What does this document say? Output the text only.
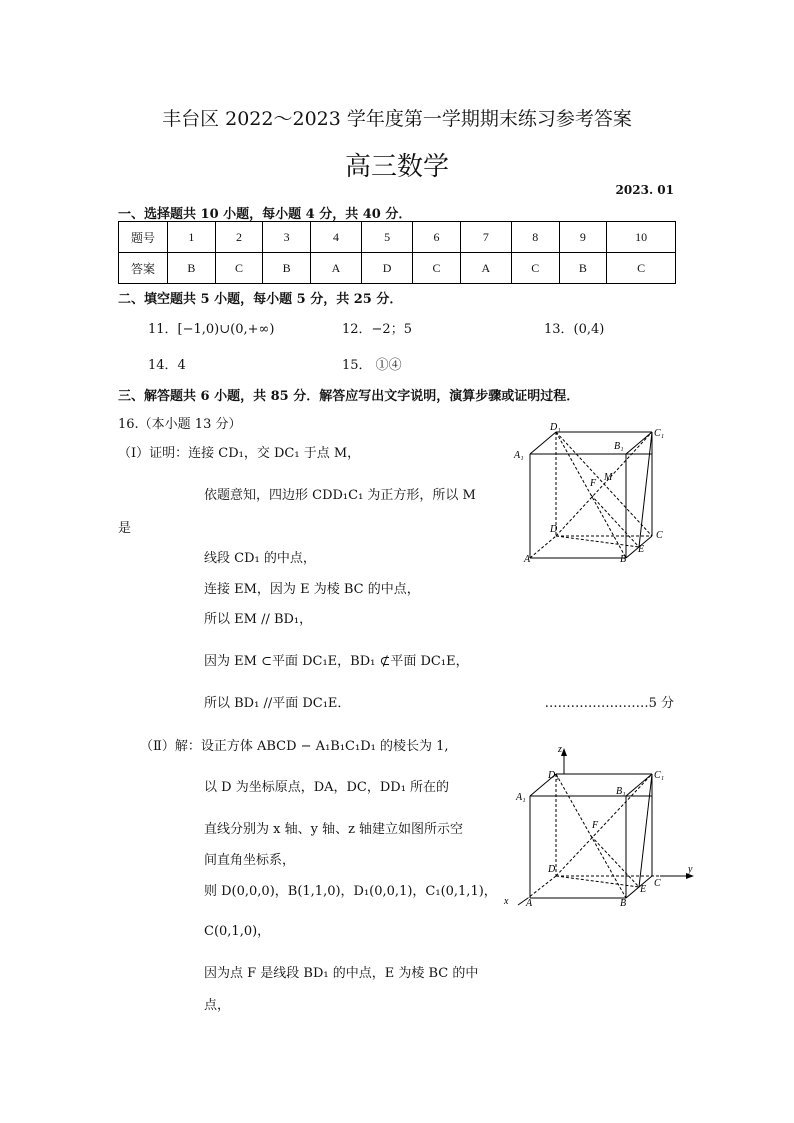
丰台区 2022～2023 学年度第一学期期末练习参考答案
高三数学
2023. 01
一、选择题共 10 小题，每小题 4 分，共 40 分．
题号	1	2	3	4	5	6	7	8	9	10
答案	B	C	B	A	D	C	A	C	B	C
二、填空题共 5 小题，每小题 5 分，共 25 分．
11．[−1,0)∪(0,+∞)	12．−2；5	13．(0,4)
14．4	15． ①④
三、解答题共 6 小题，共 85 分．解答应写出文字说明，演算步骤或证明过程．
16.（本小题 13 分）
（Ⅰ）证明：连接 CD₁，交 DC₁ 于点 M，
依题意知，四边形 CDD₁C₁ 为正方形，所以 M
是
线段 CD₁ 的中点，
连接 EM，因为 E 为棱 BC 的中点，
所以 EM // BD₁，
因为 EM ⊂平面 DC₁E，BD₁ ⊄平面 DC₁E，
所以 BD₁ //平面 DC₁E．	……………………5 分
（Ⅱ）解：设正方体 ABCD − A₁B₁C₁D₁ 的棱长为 1,
以 D 为坐标原点，DA，DC，DD₁ 所在的
直线分别为 x 轴、y 轴、z 轴建立如图所示空
间直角坐标系，
则 D(0,0,0)，B(1,1,0)，D₁(0,0,1)，C₁(0,1,1)，
C(0,1,0)，
因为点 F 是线段 BD₁ 的中点，E 为棱 BC 的中
点，
D₁
C₁
A₁
B₁
M
F
D
C
A	B
E
z
y
x
D₁	C₁
A₁
B₁
F
D
C
A	B
E
